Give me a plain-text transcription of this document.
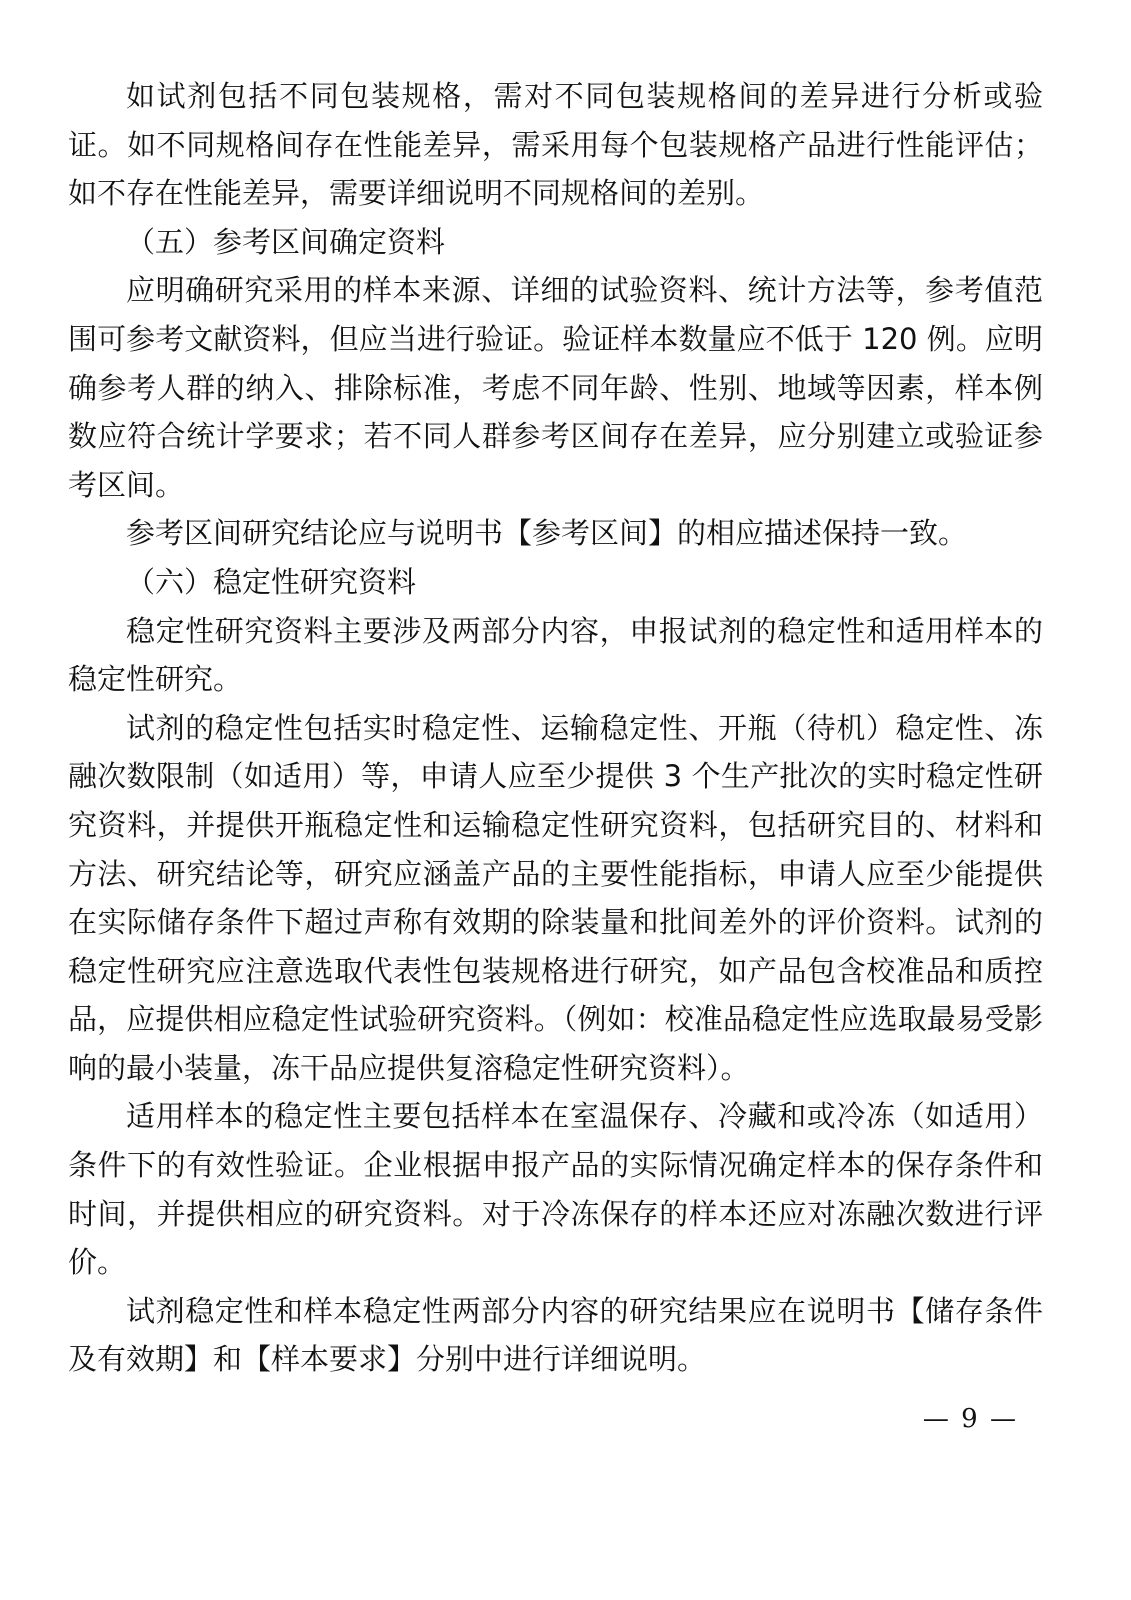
如试剂包括不同包装规格，需对不同包装规格间的差异进行分析或验证。如不同规格间存在性能差异，需采用每个包装规格产品进行性能评估；如不存在性能差异，需要详细说明不同规格间的差别。

（五）参考区间确定资料

应明确研究采用的样本来源、详细的试验资料、统计方法等，参考值范围可参考文献资料，但应当进行验证。验证样本数量应不低于 120 例。应明确参考人群的纳入、排除标准，考虑不同年龄、性别、地域等因素，样本例数应符合统计学要求；若不同人群参考区间存在差异，应分别建立或验证参考区间。

参考区间研究结论应与说明书【参考区间】的相应描述保持一致。

（六）稳定性研究资料

稳定性研究资料主要涉及两部分内容，申报试剂的稳定性和适用样本的稳定性研究。

试剂的稳定性包括实时稳定性、运输稳定性、开瓶（待机）稳定性、冻融次数限制（如适用）等，申请人应至少提供 3 个生产批次的实时稳定性研究资料，并提供开瓶稳定性和运输稳定性研究资料，包括研究目的、材料和方法、研究结论等，研究应涵盖产品的主要性能指标，申请人应至少能提供在实际储存条件下超过声称有效期的除装量和批间差外的评价资料。试剂的稳定性研究应注意选取代表性包装规格进行研究，如产品包含校准品和质控品，应提供相应稳定性试验研究资料。（例如：校准品稳定性应选取最易受影响的最小装量，冻干品应提供复溶稳定性研究资料）。

适用样本的稳定性主要包括样本在室温保存、冷藏和或冷冻（如适用）条件下的有效性验证。企业根据申报产品的实际情况确定样本的保存条件和时间，并提供相应的研究资料。对于冷冻保存的样本还应对冻融次数进行评价。

试剂稳定性和样本稳定性两部分内容的研究结果应在说明书【储存条件及有效期】和【样本要求】分别中进行详细说明。

— 9 —
